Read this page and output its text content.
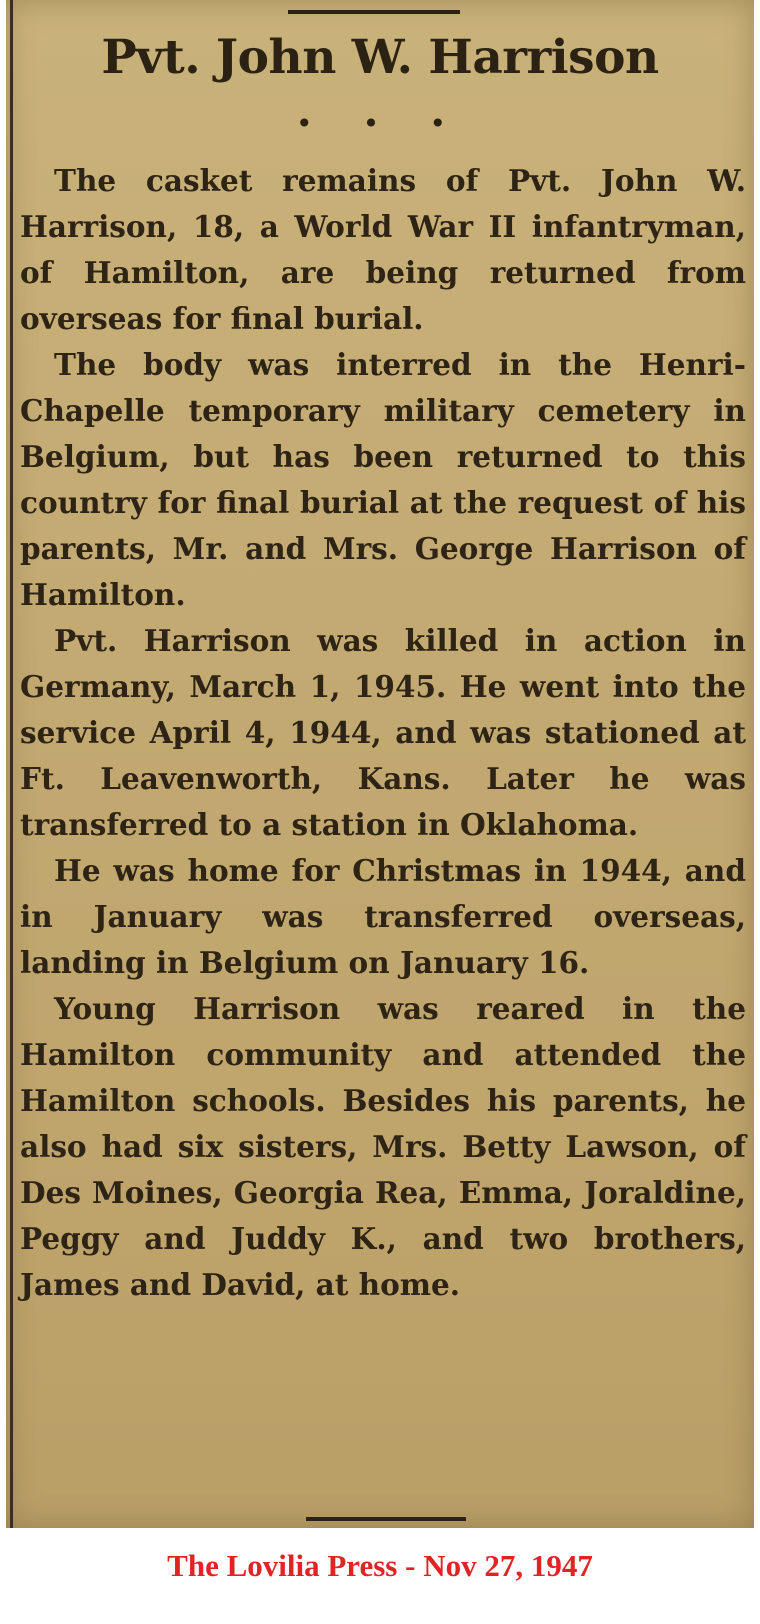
Pvt. John W. Harrison
• • •

The casket remains of Pvt. John W. Harrison, 18, a World War II infantryman, of Hamilton, are being returned from overseas for final burial.

The body was interred in the Henri-Chapelle temporary military cemetery in Belgium, but has been returned to this country for final burial at the request of his parents, Mr. and Mrs. George Harrison of Hamilton.

Pvt. Harrison was killed in action in Germany, March 1, 1945. He went into the service April 4, 1944, and was stationed at Ft. Leavenworth, Kans. Later he was transferred to a station in Oklahoma.

He was home for Christmas in 1944, and in January was transferred overseas, landing in Belgium on January 16.

Young Harrison was reared in the Hamilton community and attended the Hamilton schools. Besides his parents, he also had six sisters, Mrs. Betty Lawson, of Des Moines, Georgia Rea, Emma, Joraldine, Peggy and Juddy K., and two brothers, James and David, at home.

The Lovilia Press - Nov 27, 1947
